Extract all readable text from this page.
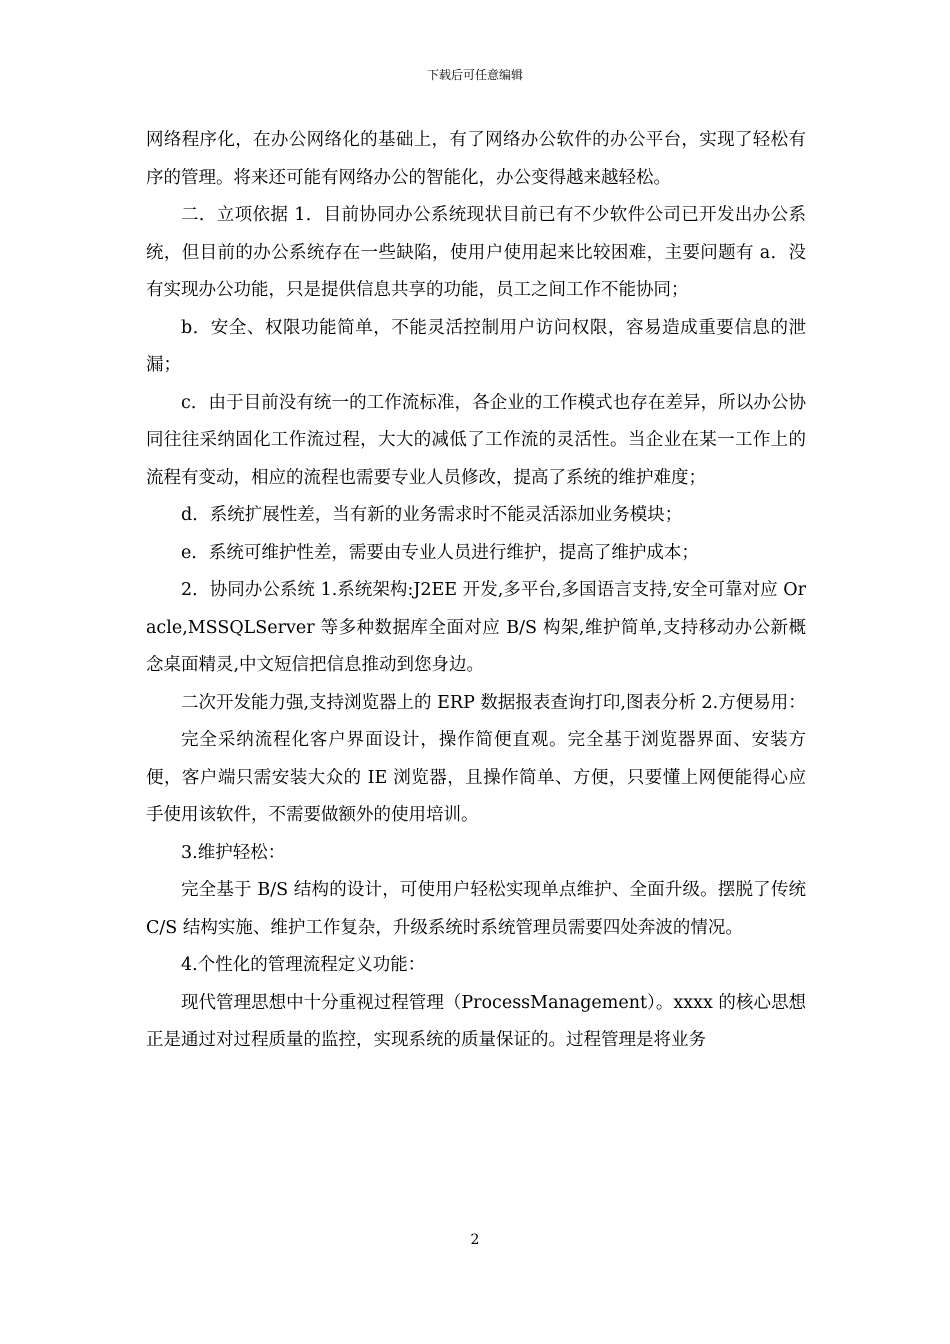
下载后可任意编辑

网络程序化，在办公网络化的基础上，有了网络办公软件的办公平台，实现了轻松有序的管理。将来还可能有网络办公的智能化，办公变得越来越轻松。

二．立项依据 1．目前协同办公系统现状目前已有不少软件公司已开发出办公系统，但目前的办公系统存在一些缺陷，使用户使用起来比较困难，主要问题有 a．没有实现办公功能，只是提供信息共享的功能，员工之间工作不能协同；

b．安全、权限功能简单，不能灵活控制用户访问权限，容易造成重要信息的泄漏；

c．由于目前没有统一的工作流标准，各企业的工作模式也存在差异，所以办公协同往往采纳固化工作流过程，大大的减低了工作流的灵活性。当企业在某一工作上的流程有变动，相应的流程也需要专业人员修改，提高了系统的维护难度；

d．系统扩展性差，当有新的业务需求时不能灵活添加业务模块；

e．系统可维护性差，需要由专业人员进行维护，提高了维护成本；

2．协同办公系统 1.系统架构:J2EE 开发,多平台,多国语言支持,安全可靠对应 Oracle,MSSQLServer 等多种数据库全面对应 B/S 构架,维护简单,支持移动办公新概念桌面精灵,中文短信把信息推动到您身边。

二次开发能力强,支持浏览器上的 ERP 数据报表查询打印,图表分析 2.方便易用：

完全采纳流程化客户界面设计，操作简便直观。完全基于浏览器界面、安装方便，客户端只需安装大众的 IE 浏览器，且操作简单、方便，只要懂上网便能得心应手使用该软件，不需要做额外的使用培训。

3.维护轻松：

完全基于 B/S 结构的设计，可使用户轻松实现单点维护、全面升级。摆脱了传统 C/S 结构实施、维护工作复杂，升级系统时系统管理员需要四处奔波的情况。

4.个性化的管理流程定义功能：

现代管理思想中十分重视过程管理（ProcessManagement）。xxxx 的核心思想正是通过对过程质量的监控，实现系统的质量保证的。过程管理是将业务

2
